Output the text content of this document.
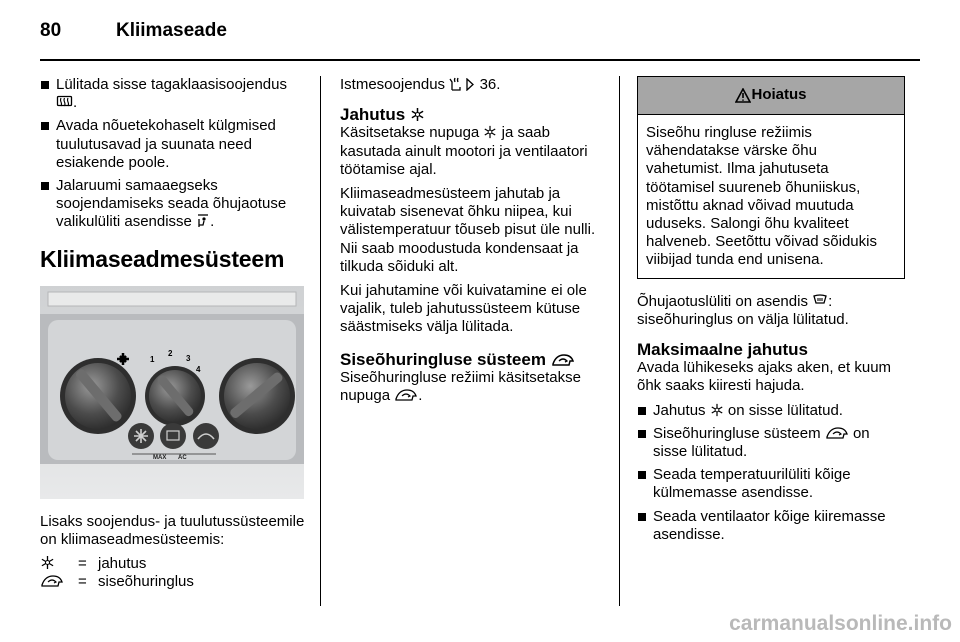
80	Kliimaseade
Lülitada sisse tagaklaasisoojendus
.
Avada nõuetekohaselt külgmised tuulutusavad ja suunata need esiakende poole.
Jalaruumi samaaegseks soojendamiseks seada õhujaotuse valikulüliti asendisse .
Kliimaseadmesüsteem
1
2
3
4
MAX AC

Lisaks soojendus- ja tuulutussüsteemile on kliimaseadmesüsteemis:

= jahutus
= siseõhuringlus

Istmesoojendus 36.

Jahutus

Käsitsetakse nupuga ja saab kasutada ainult mootori ja ventilaatori töötamise ajal.

Kliimaseadmesüsteem jahutab ja kuivatab sisenevat õhku niipea, kui välistemperatuur tõuseb pisut üle nulli. Nii saab moodustuda kondensaat ja tilkuda sõiduki alt.

Kui jahutamine või kuivatamine ei ole vajalik, tuleb jahutussüsteem kütuse säästmiseks välja lülitada.

Siseõhuringluse süsteem

Siseõhuringluse režiimi käsitsetakse nupuga .

Hoiatus
Siseõhu ringluse režiimis vähendatakse värske õhu vahetumist. Ilma jahutuseta töötamisel suureneb õhuniiskus, mistõttu aknad võivad muutuda uduseks. Salongi õhu kvaliteet halveneb. Seetõttu võivad sõidukis viibijad tunda end unisena.

Õhujaotuslüliti on asendis : siseõhuringlus on välja lülitatud.

Maksimaalne jahutus

Avada lühikeseks ajaks aken, et kuum õhk saaks kiiresti hajuda.

Jahutus on sisse lülitatud.
Siseõhuringluse süsteem on sisse lülitatud.
Seada temperatuurilüliti kõige külmemasse asendisse.
Seada ventilaator kõige kiiremasse asendisse.
carmanualsonline.info
